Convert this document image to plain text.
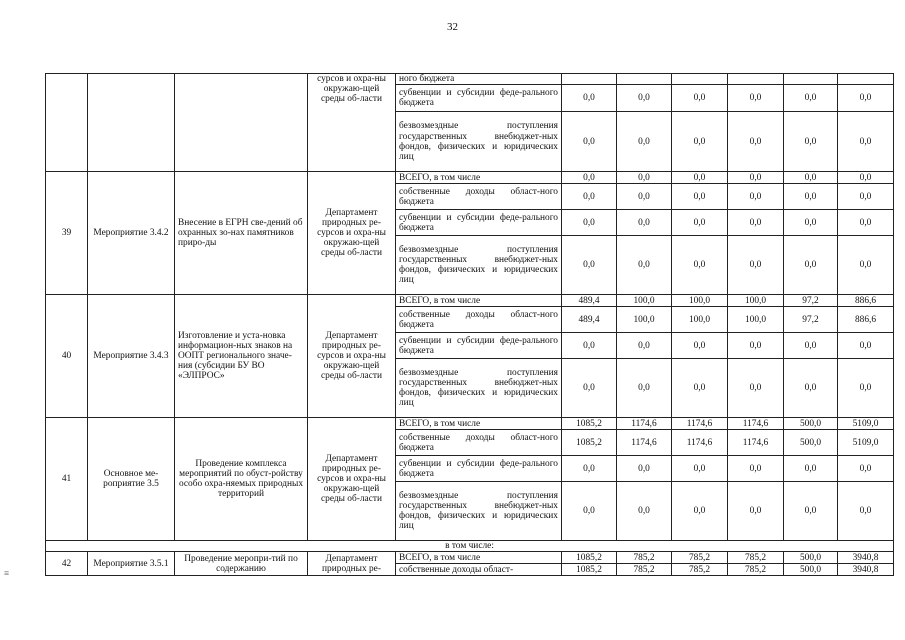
32
≡
			сурсов и охра-ны окружаю-щей среды об-ласти	ного бюджета						
				субвенции и субсидии феде-рального бюджета	0,0	0,0	0,0	0,0	0,0	0,0
				безвозмездные поступления государственных внебюджет-ных фондов, физических и юридических лиц	0,0	0,0	0,0	0,0	0,0	0,0
39	Мероприятие 3.4.2	Внесение в ЕГРН све-дений об охранных зо-нах памятников приро-ды	Департамент природных ре-сурсов и охра-ны окружаю-щей среды об-ласти	ВСЕГО, в том числе	0,0	0,0	0,0	0,0	0,0	0,0
				собственные доходы област-ного бюджета	0,0	0,0	0,0	0,0	0,0	0,0
				субвенции и субсидии феде-рального бюджета	0,0	0,0	0,0	0,0	0,0	0,0
				безвозмездные поступления государственных внебюджет-ных фондов, физических и юридических лиц	0,0	0,0	0,0	0,0	0,0	0,0
40	Мероприятие 3.4.3	Изготовление и уста-новка информацион-ных знаков на ООПТ регионального значе-ния (субсидии БУ ВО «ЭЛПРОС»	Департамент природных ре-сурсов и охра-ны окружаю-щей среды об-ласти	ВСЕГО, в том числе	489,4	100,0	100,0	100,0	97,2	886,6
				собственные доходы област-ного бюджета	489,4	100,0	100,0	100,0	97,2	886,6
				субвенции и субсидии феде-рального бюджета	0,0	0,0	0,0	0,0	0,0	0,0
				безвозмездные поступления государственных внебюджет-ных фондов, физических и юридических лиц	0,0	0,0	0,0	0,0	0,0	0,0
41	Основное ме-роприятие 3.5	Проведение комплекса мероприятий по обуст-ройству особо охра-няемых природных территорий	Департамент природных ре-сурсов и охра-ны окружаю-щей среды об-ласти	ВСЕГО, в том числе	1085,2	1174,6	1174,6	1174,6	500,0	5109,0
				собственные доходы област-ного бюджета	1085,2	1174,6	1174,6	1174,6	500,0	5109,0
				субвенции и субсидии феде-рального бюджета	0,0	0,0	0,0	0,0	0,0	0,0
				безвозмездные поступления государственных внебюджет-ных фондов, физических и юридических лиц	0,0	0,0	0,0	0,0	0,0	0,0
в том числе:										
42	Мероприятие 3.5.1	Проведение меропри-тий по содержанию	Департамент природных ре-	ВСЕГО, в том числе	1085,2	785,2	785,2	785,2	500,0	3940,8
				собственные доходы област-	1085,2	785,2	785,2	785,2	500,0	3940,8
